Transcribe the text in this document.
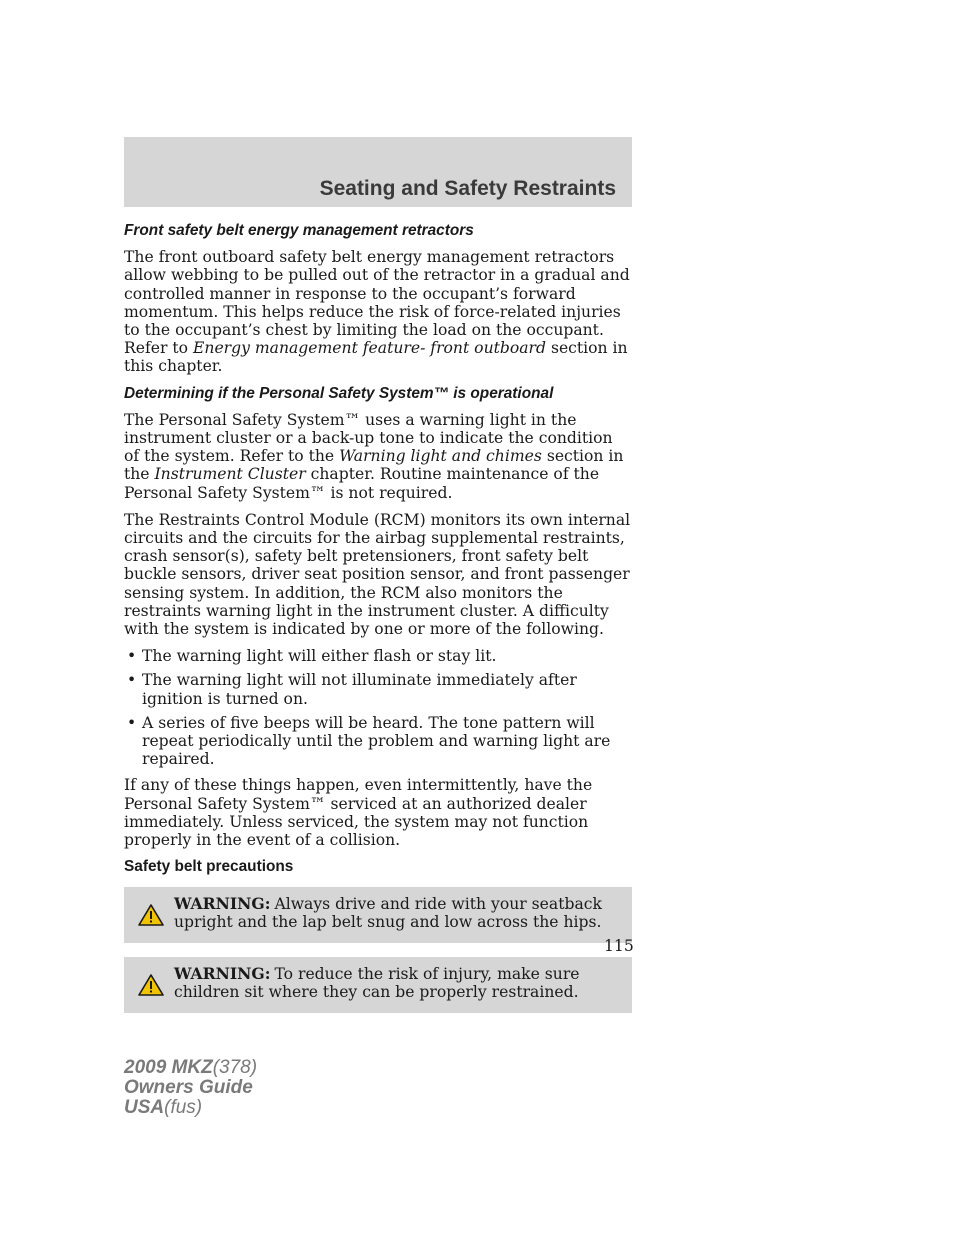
Seating and Safety Restraints
Front safety belt energy management retractors

The front outboard safety belt energy management retractors allow webbing to be pulled out of the retractor in a gradual and controlled manner in response to the occupant’s forward momentum. This helps reduce the risk of force-related injuries to the occupant’s chest by limiting the load on the occupant. Refer to Energy management feature- front outboard section in this chapter.

Determining if the Personal Safety System™ is operational

The Personal Safety System™ uses a warning light in the instrument cluster or a back-up tone to indicate the condition of the system. Refer to the Warning light and chimes section in the Instrument Cluster chapter. Routine maintenance of the Personal Safety System™ is not required.

The Restraints Control Module (RCM) monitors its own internal circuits and the circuits for the airbag supplemental restraints, crash sensor(s), safety belt pretensioners, front safety belt buckle sensors, driver seat position sensor, and front passenger sensing system. In addition, the RCM also monitors the restraints warning light in the instrument cluster. A difficulty with the system is indicated by one or more of the following.

• The warning light will either flash or stay lit.
• The warning light will not illuminate immediately after ignition is turned on.
• A series of five beeps will be heard. The tone pattern will repeat periodically until the problem and warning light are repaired.

If any of these things happen, even intermittently, have the Personal Safety System™ serviced at an authorized dealer immediately. Unless serviced, the system may not function properly in the event of a collision.

Safety belt precautions
WARNING: Always drive and ride with your seatback upright and the lap belt snug and low across the hips.
WARNING: To reduce the risk of injury, make sure children sit where they can be properly restrained.
115
2009 MKZ(378)
Owners Guide
USA(fus)
